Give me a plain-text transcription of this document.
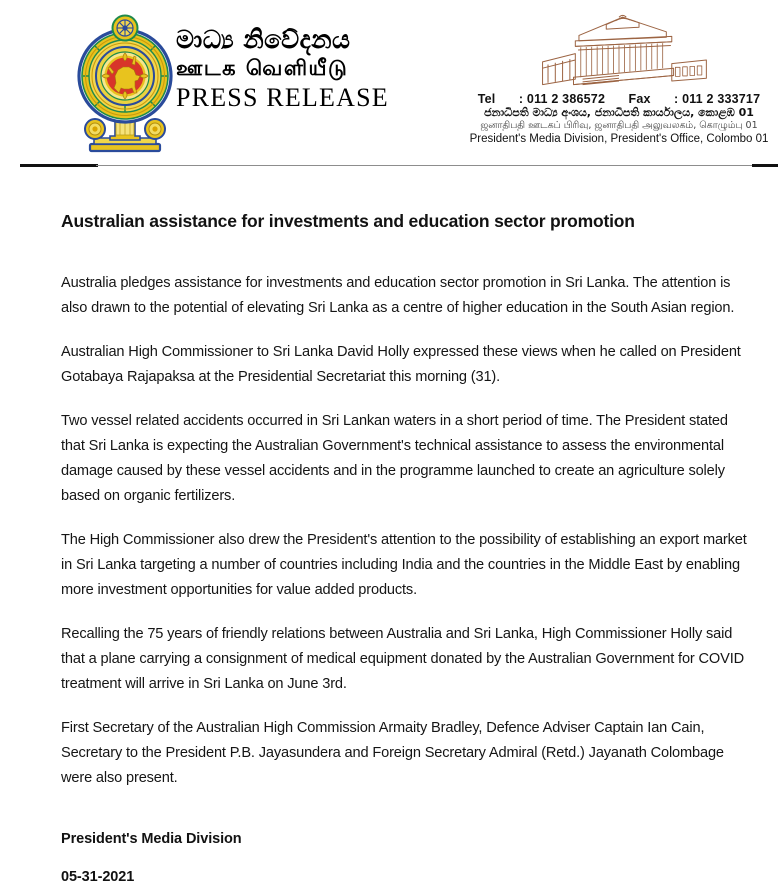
මාධ්‍ය නිවේදනය
ஊடக வெளியீடு
PRESS RELEASE	Tel : 011 2 386572 Fax : 011 2 333717
ජනාධිපති මාධ්‍ය අංශය, ජනාධිපති කාර්යාලය, කොළඹ 01
ஜனாதிபதி ஊடகப் பிரிவு, ஜனாதிபதி அலுவலகம், கொழும்பு 01
President's Media Division, President's Office, Colombo 01
Australian assistance for investments and education sector promotion

Australia pledges assistance for investments and education sector promotion in Sri Lanka. The attention is also drawn to the potential of elevating Sri Lanka as a centre of higher education in the South Asian region.

Australian High Commissioner to Sri Lanka David Holly expressed these views when he called on President Gotabaya Rajapaksa at the Presidential Secretariat this morning (31).

Two vessel related accidents occurred in Sri Lankan waters in a short period of time. The President stated that Sri Lanka is expecting the Australian Government's technical assistance to assess the environmental damage caused by these vessel accidents and in the programme launched to create an agriculture solely based on organic fertilizers.

The High Commissioner also drew the President's attention to the possibility of establishing an export market in Sri Lanka targeting a number of countries including India and the countries in the Middle East by enabling more investment opportunities for value added products.

Recalling the 75 years of friendly relations between Australia and Sri Lanka, High Commissioner Holly said that a plane carrying a consignment of medical equipment donated by the Australian Government for COVID treatment will arrive in Sri Lanka on June 3rd.

First Secretary of the Australian High Commission Armaity Bradley, Defence Adviser Captain Ian Cain, Secretary to the President P.B. Jayasundera and Foreign Secretary Admiral (Retd.) Jayanath Colombage were also present.

President's Media Division
05-31-2021
